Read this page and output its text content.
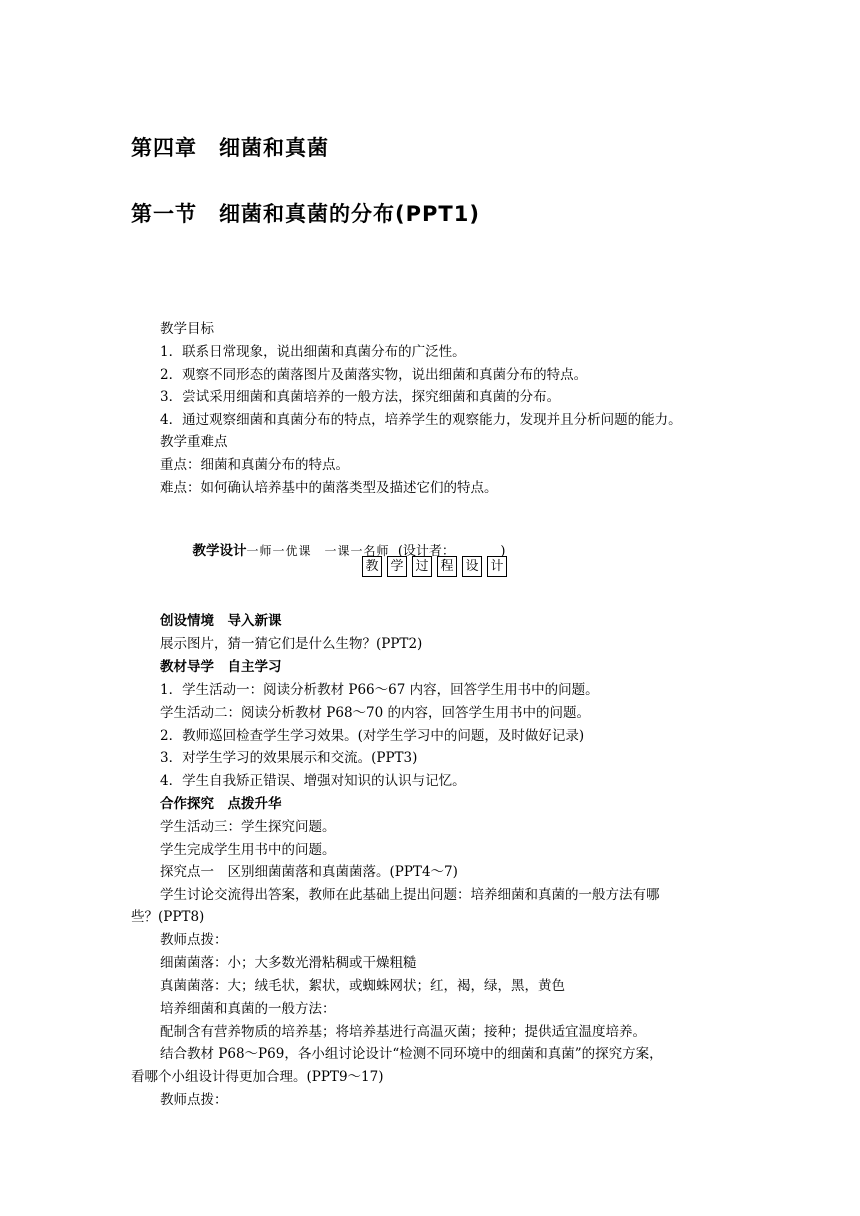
第四章　细菌和真菌
第一节　细菌和真菌的分布(PPT1)
教学目标
1．联系日常现象，说出细菌和真菌分布的广泛性。
2．观察不同形态的菌落图片及菌落实物，说出细菌和真菌分布的特点。
3．尝试采用细菌和真菌培养的一般方法，探究细菌和真菌的分布。
4．通过观察细菌和真菌分布的特点，培养学生的观察能力，发现并且分析问题的能力。
教学重难点
重点：细菌和真菌分布的特点。
难点：如何确认培养基中的菌落类型及描述它们的特点。

教学设计一师一优课　一课一名师 (设计者：　　　　)

教 学 过 程 设 计
创设情境　导入新课
展示图片，猜一猜它们是什么生物？(PPT2)
教材导学　自主学习
1．学生活动一：阅读分析教材 P66～67 内容，回答学生用书中的问题。
学生活动二：阅读分析教材 P68～70 的内容，回答学生用书中的问题。
2．教师巡回检查学生学习效果。(对学生学习中的问题，及时做好记录)
3．对学生学习的效果展示和交流。(PPT3)
4．学生自我矫正错误、增强对知识的认识与记忆。
合作探究　点拨升华
学生活动三：学生探究问题。
学生完成学生用书中的问题。
探究点一　区别细菌菌落和真菌菌落。(PPT4～7)
学生讨论交流得出答案，教师在此基础上提出问题：培养细菌和真菌的一般方法有哪
些？(PPT8)
教师点拨：
细菌菌落：小；大多数光滑粘稠或干燥粗糙
真菌菌落：大；绒毛状，絮状，或蜘蛛网状；红，褐，绿，黑，黄色
培养细菌和真菌的一般方法：
配制含有营养物质的培养基；将培养基进行高温灭菌；接种；提供适宜温度培养。
结合教材 P68～P69，各小组讨论设计“检测不同环境中的细菌和真菌”的探究方案，
看哪个小组设计得更加合理。(PPT9～17)
教师点拨：
